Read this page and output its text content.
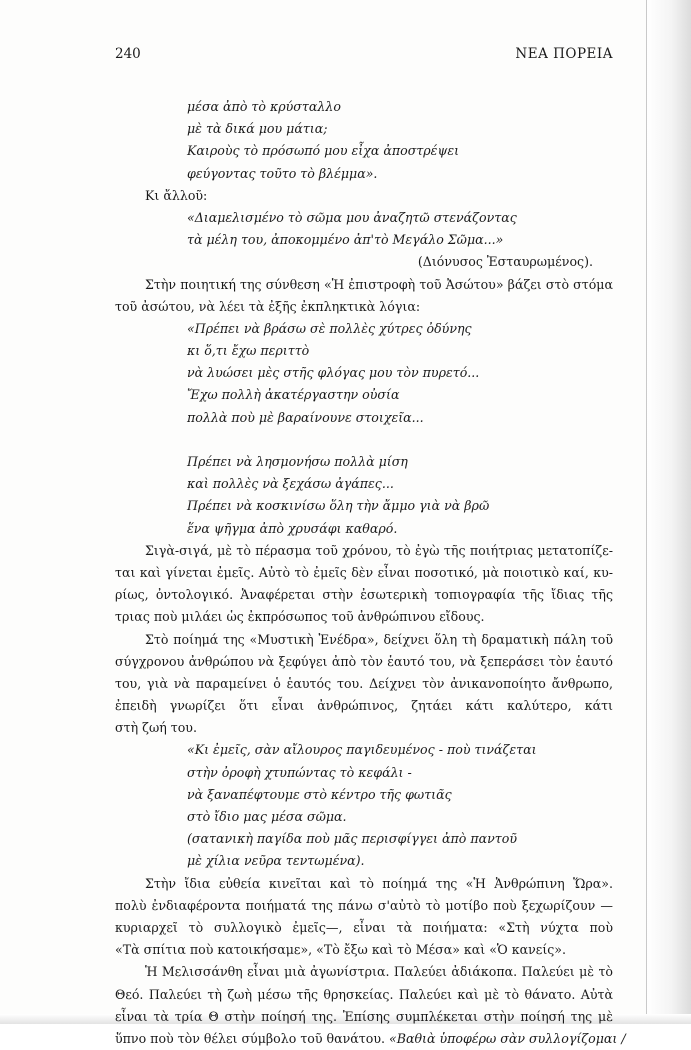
240	ΝΕΑ ΠΟΡΕΙΑ
μέσα ἀπὸ τὸ κρύσταλλο
μὲ τὰ δικά μου μάτια;
Καιροὺς τὸ πρόσωπό μου εἶχα ἀποστρέψει
φεύγοντας τοῦτο τὸ βλέμμα».
Κι ἄλλοῦ:
«Διαμελισμένο τὸ σῶμα μου ἀναζητῶ στενάζοντας
τὰ μέλη του, ἀποκομμένο ἀπ'τὸ Μεγάλο Σῶμα...»
(Διόνυσος Ἐσταυρωμένος).
Στὴν ποιητική της σύνθεση «Ἡ ἐπιστροφὴ τοῦ Ἀσώτου» βάζει στὸ στόμα
τοῦ ἀσώτου, νὰ λέει τὰ ἐξῆς ἐκπληκτικὰ λόγια:
«Πρέπει νὰ βράσω σὲ πολλὲς χύτρες ὀδύνης
κι ὅ,τι ἔχω περιττὸ
νὰ λυώσει μὲς στῆς φλόγας μου τὸν πυρετό...
Ἔχω πολλὴ ἀκατέργαστην οὐσία
πολλὰ ποὺ μὲ βαραίνουνε στοιχεῖα...
Πρέπει νὰ λησμονήσω πολλὰ μίση
καὶ πολλὲς νὰ ξεχάσω ἀγάπες...
Πρέπει νὰ κοσκινίσω ὅλη τὴν ἄμμο γιὰ νὰ βρῶ
ἕνα ψῆγμα ἀπὸ χρυσάφι καθαρό.
Σιγὰ-σιγά, μὲ τὸ πέρασμα τοῦ χρόνου, τὸ ἐγὼ τῆς ποιήτριας μετατοπίζε-
ται καὶ γίνεται ἐμεῖς. Αὐτὸ τὸ ἐμεῖς δὲν εἶναι ποσοτικό, μὰ ποιοτικὸ καί, κυ-
ρίως, ὀντολογικό. Ἀναφέρεται στὴν ἐσωτερικὴ τοπιογραφία τῆς ἴδιας τῆς
τριας ποὺ μιλάει ὡς ἐκπρόσωπος τοῦ ἀνθρώπινου εἴδους.
Στὸ ποίημά της «Μυστικὴ Ἐνέδρα», δείχνει ὅλη τὴ δραματικὴ πάλη τοῦ
σύγχρονου ἀνθρώπου νὰ ξεφύγει ἀπὸ τὸν ἑαυτό του, νὰ ξεπεράσει τὸν ἑαυτό
του, γιὰ νὰ παραμείνει ὁ ἑαυτός του. Δείχνει τὸν ἀνικανοποίητο ἄνθρωπο,
ἐπειδὴ γνωρίζει ὅτι εἶναι ἀνθρώπινος, ζητάει κάτι καλύτερο, κάτι
στὴ ζωή του.
«Κι ἐμεῖς, σὰν αἴλουρος παγιδευμένος - ποὺ τινάζεται
στὴν ὀροφὴ χτυπώντας τὸ κεφάλι -
νὰ ξαναπέφτουμε στὸ κέντρο τῆς φωτιᾶς
στὸ ἴδιο μας μέσα σῶμα.
(σατανικὴ παγίδα ποὺ μᾶς περισφίγγει ἀπὸ παντοῦ
μὲ χίλια νεῦρα τεντωμένα).
Στὴν ἴδια εὐθεία κινεῖται καὶ τὸ ποίημά της «Ἡ Ἀνθρώπινη Ὥρα».
πολὺ ἐνδιαφέροντα ποιήματά της πάνω σ'αὐτὸ τὸ μοτίβο ποὺ ξεχωρίζουν —
κυριαρχεῖ τὸ συλλογικὸ ἐμεῖς—, εἶναι τὰ ποιήματα: «Στὴ νύχτα ποὺ
«Τὰ σπίτια ποὺ κατοικήσαμε», «Τὸ ἔξω καὶ τὸ Μέσα» καὶ «Ὁ κανείς».
Ἡ Μελισσάνθη εἶναι μιὰ ἀγωνίστρια. Παλεύει ἀδιάκοπα. Παλεύει μὲ τὸ
Θεό. Παλεύει τὴ ζωὴ μέσω τῆς θρησκείας. Παλεύει καὶ μὲ τὸ θάνατο. Αὐτὰ
εἶναι τὰ τρία Θ στὴν ποίησή της. Ἐπίσης συμπλέκεται στὴν ποίησή της μὲ
ὕπνο ποὺ τὸν θέλει σύμβολο τοῦ θανάτου. «Βαθιὰ ὑποφέρω σὰν συλλογίζομαι /
